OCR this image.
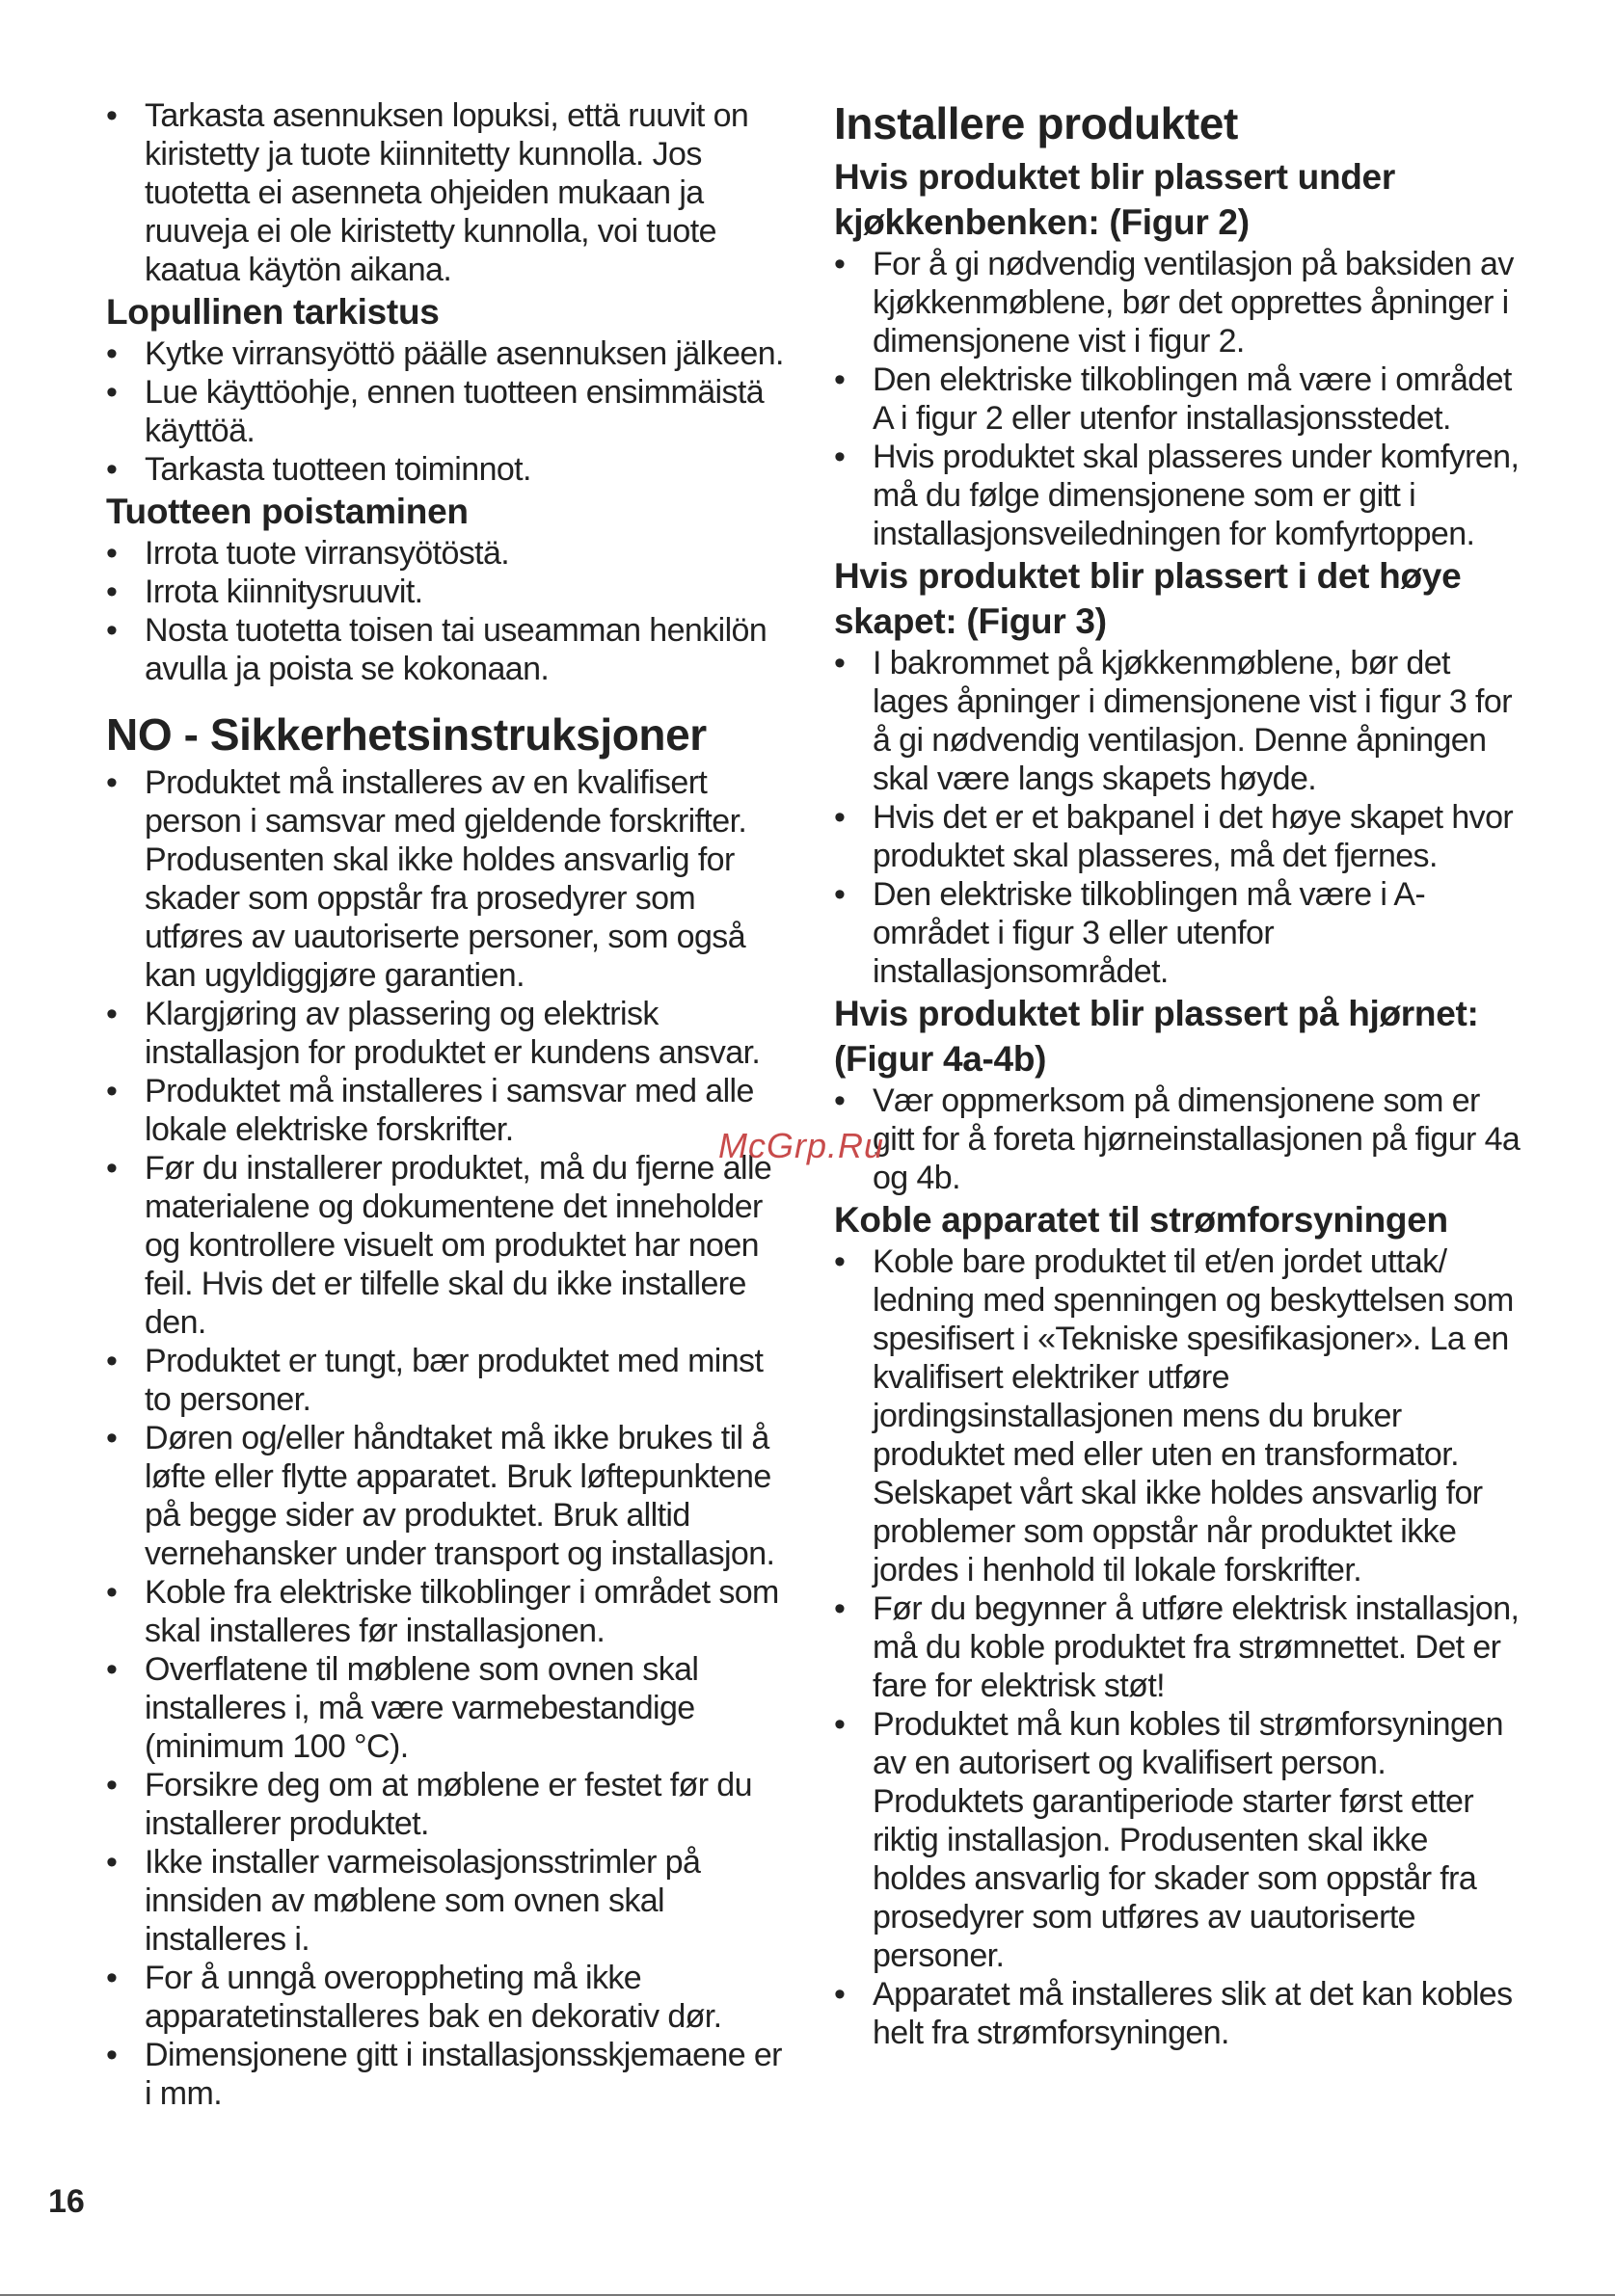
• Tarkasta asennuksen lopuksi, että ruuvit on kiristetty ja tuote kiinnitetty kunnolla. Jos tuotetta ei asenneta ohjeiden mukaan ja ruuveja ei ole kiristetty kunnolla, voi tuote kaatua käytön aikana.
Lopullinen tarkistus
• Kytke virransyöttö päälle asennuksen jälkeen.
• Lue käyttöohje, ennen tuotteen ensimmäistä käyttöä.
• Tarkasta tuotteen toiminnot.
Tuotteen poistaminen
• Irrota tuote virransyötöstä.
• Irrota kiinnitysruuvit.
• Nosta tuotetta toisen tai useamman henkilön avulla ja poista se kokonaan.
NO - Sikkerhetsinstruksjoner
• Produktet må installeres av en kvalifisert person i samsvar med gjeldende forskrifter. Produsenten skal ikke holdes ansvarlig for skader som oppstår fra prosedyrer som utføres av uautoriserte personer, som også kan ugyldiggjøre garantien.
• Klargjøring av plassering og elektrisk installasjon for produktet er kundens ansvar.
• Produktet må installeres i samsvar med alle lokale elektriske forskrifter.
• Før du installerer produktet, må du fjerne alle materialene og dokumentene det inneholder og kontrollere visuelt om produktet har noen feil. Hvis det er tilfelle skal du ikke installere den.
• Produktet er tungt, bær produktet med minst to personer.
• Døren og/eller håndtaket må ikke brukes til å løfte eller flytte apparatet. Bruk løftepunktene på begge sider av produktet. Bruk alltid vernehansker under transport og installasjon.
• Koble fra elektriske tilkoblinger i området som skal installeres før installasjonen.
• Overflatene til møblene som ovnen skal installeres i, må være varmebestandige (minimum 100 °C).
• Forsikre deg om at møblene er festet før du installerer produktet.
• Ikke installer varmeisolasjonsstrimler på innsiden av møblene som ovnen skal installeres i.
• For å unngå overoppheting må ikke apparatetinstalleres bak en dekorativ dør.
• Dimensjonene gitt i installasjonsskjemaene er i mm.
Installere produktet
Hvis produktet blir plassert under kjøkkenbenken: (Figur 2)
• For å gi nødvendig ventilasjon på baksiden av kjøkkenmøblene, bør det opprettes åpninger i dimensjonene vist i figur 2.
• Den elektriske tilkoblingen må være i området A i figur 2 eller utenfor installasjonsstedet.
• Hvis produktet skal plasseres under komfyren, må du følge dimensjonene som er gitt i installasjonsveiledningen for komfyrtoppen.
Hvis produktet blir plassert i det høye skapet: (Figur 3)
• I bakrommet på kjøkkenmøblene, bør det lages åpninger i dimensjonene vist i figur 3 for å gi nødvendig ventilasjon. Denne åpningen skal være langs skapets høyde.
• Hvis det er et bakpanel i det høye skapet hvor produktet skal plasseres, må det fjernes.
• Den elektriske tilkoblingen må være i A-området i figur 3 eller utenfor installasjonsområdet.
Hvis produktet blir plassert på hjørnet: (Figur 4a-4b)
• Vær oppmerksom på dimensjonene som er gitt for å foreta hjørneinstallasjonen på figur 4a og 4b.
Koble apparatet til strømforsyningen
• Koble bare produktet til et/en jordet uttak/ ledning med spenningen og beskyttelsen som spesifisert i «Tekniske spesifikasjoner». La en kvalifisert elektriker utføre jordingsinstallasjonen mens du bruker produktet med eller uten en transformator. Selskapet vårt skal ikke holdes ansvarlig for problemer som oppstår når produktet ikke jordes i henhold til lokale forskrifter.
• Før du begynner å utføre elektrisk installasjon, må du koble produktet fra strømnettet. Det er fare for elektrisk støt!
• Produktet må kun kobles til strømforsyningen av en autorisert og kvalifisert person. Produktets garantiperiode starter først etter riktig installasjon. Produsenten skal ikke holdes ansvarlig for skader som oppstår fra prosedyrer som utføres av uautoriserte personer.
• Apparatet må installeres slik at det kan kobles helt fra strømforsyningen.
McGrp.Ru
16
